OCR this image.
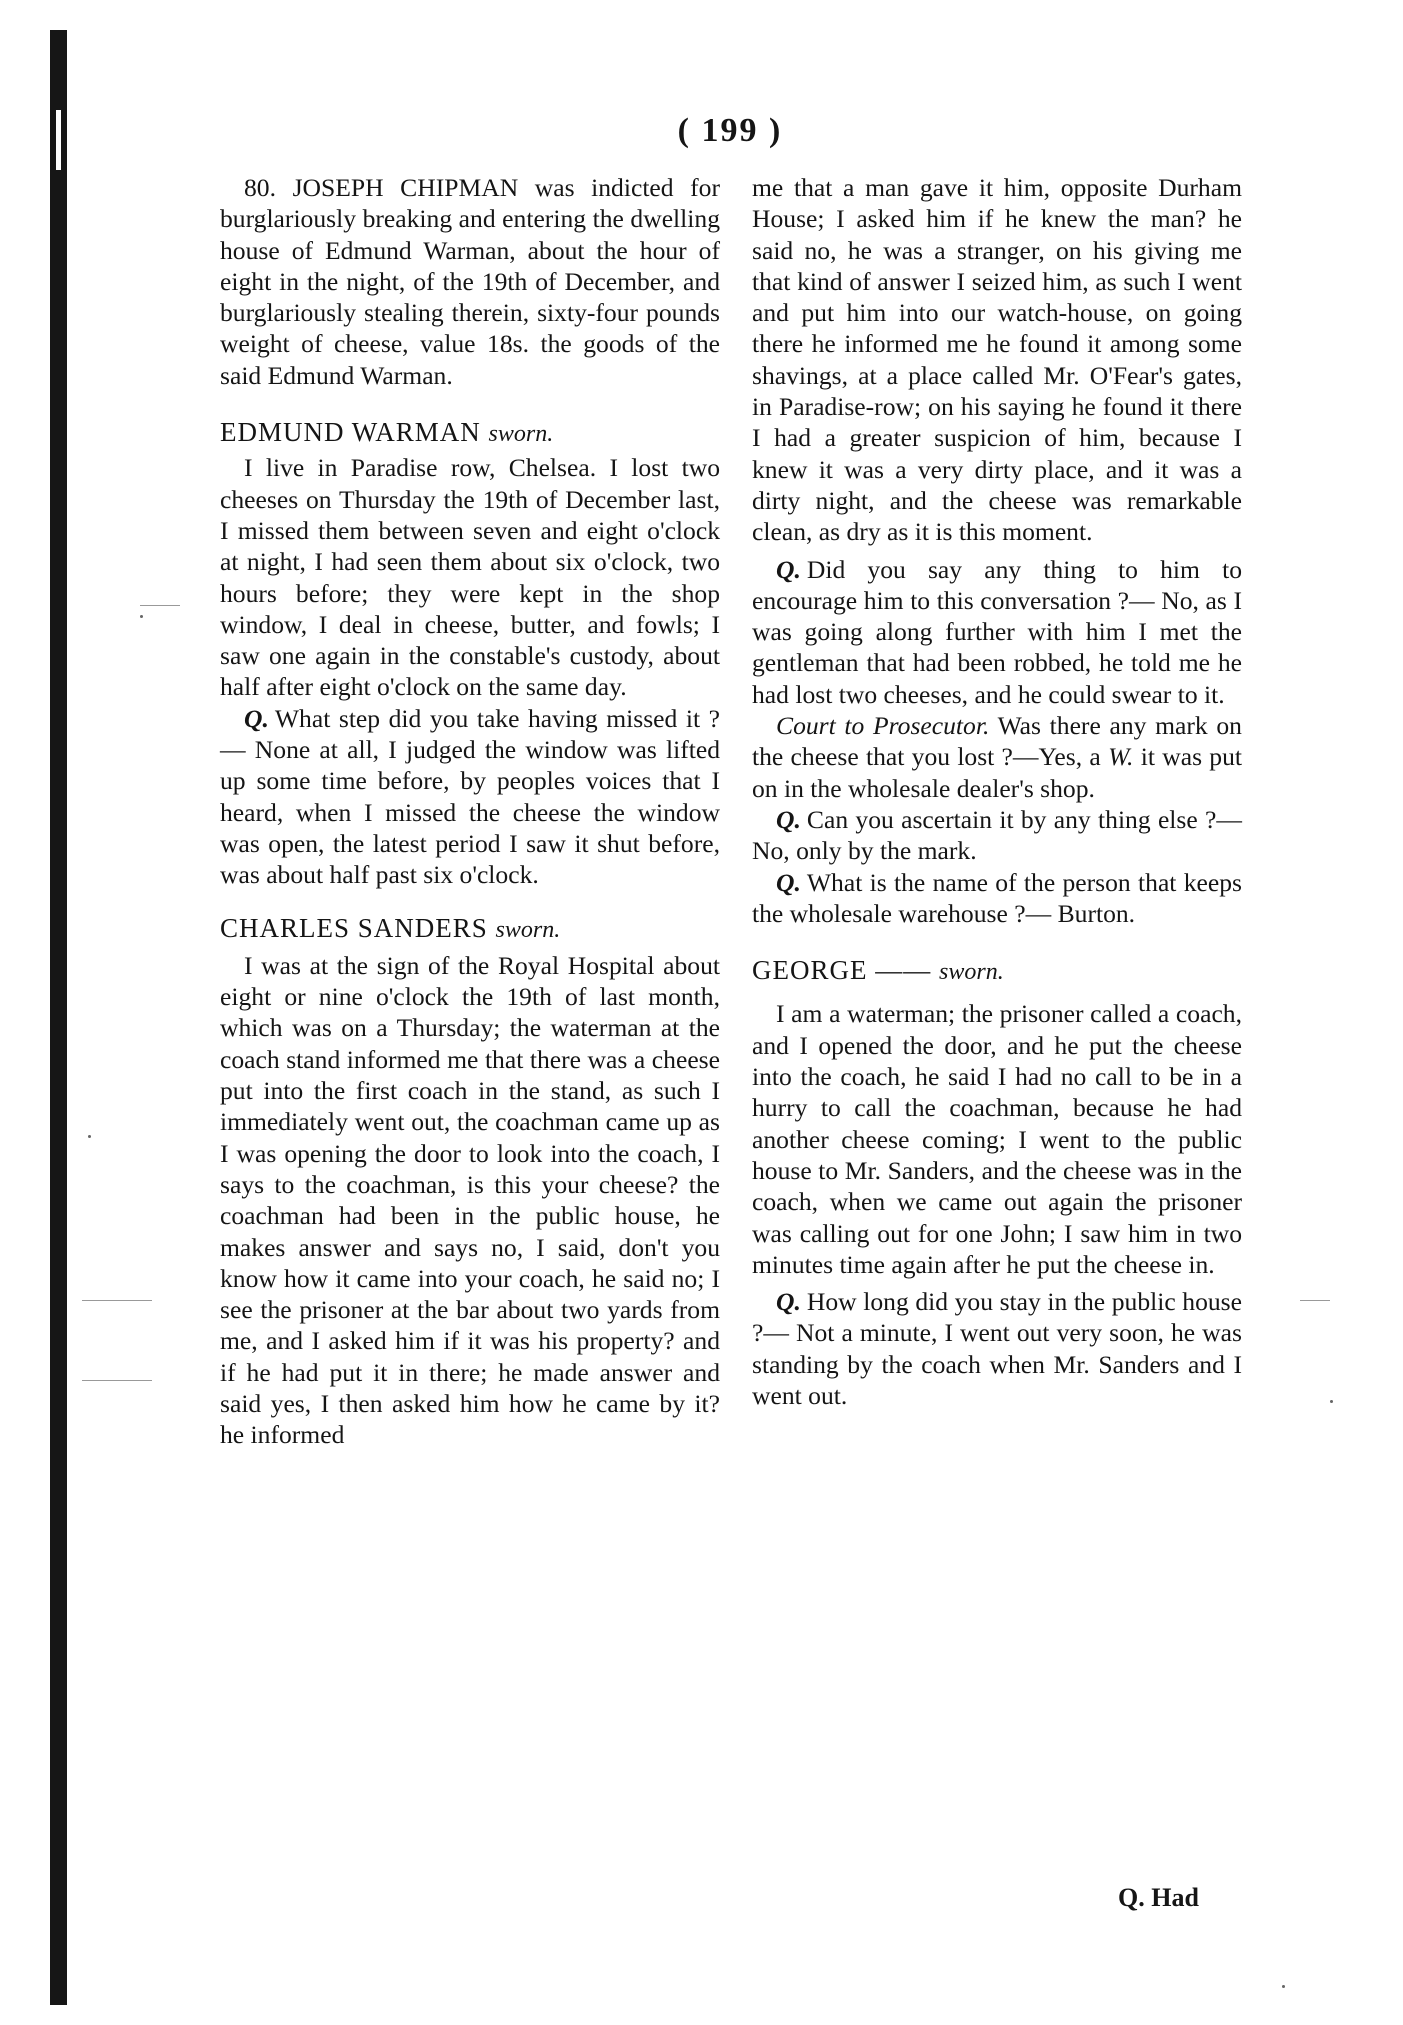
( 199 )

80. JOSEPH CHIPMAN was indicted for burglariously breaking and entering the dwelling house of Edmund Warman, about the hour of eight in the night, of the 19th of December, and burglariously stealing therein, sixty-four pounds weight of cheese, value 18s. the goods of the said Edmund Warman.

EDMUND WARMAN sworn.

I live in Paradise row, Chelsea. I lost two cheeses on Thursday the 19th of December last, I missed them between seven and eight o'clock at night, I had seen them about six o'clock, two hours before; they were kept in the shop window, I deal in cheese, butter, and fowls; I saw one again in the constable's custody, about half after eight o'clock on the same day.

Q. What step did you take having missed it ?— None at all, I judged the window was lifted up some time before, by peoples voices that I heard, when I missed the cheese the window was open, the latest period I saw it shut before, was about half past six o'clock.

CHARLES SANDERS sworn.

I was at the sign of the Royal Hospital about eight or nine o'clock the 19th of last month, which was on a Thursday; the waterman at the coach stand informed me that there was a cheese put into the first coach in the stand, as such I immediately went out, the coachman came up as I was opening the door to look into the coach, I says to the coachman, is this your cheese? the coachman had been in the public house, he makes answer and says no, I said, don't you know how it came into your coach, he said no; I see the prisoner at the bar about two yards from me, and I asked him if it was his property? and if he had put it in there; he made answer and said yes, I then asked him how he came by it? he informed

me that a man gave it him, opposite Durham House; I asked him if he knew the man? he said no, he was a stranger, on his giving me that kind of answer I seized him, as such I went and put him into our watch-house, on going there he informed me he found it among some shavings, at a place called Mr. O'Fear's gates, in Paradise-row; on his saying he found it there I had a greater suspicion of him, because I knew it was a very dirty place, and it was a dirty night, and the cheese was remarkable clean, as dry as it is this moment.

Q. Did you say any thing to him to encourage him to this conversation ?— No, as I was going along further with him I met the gentleman that had been robbed, he told me he had lost two cheeses, and he could swear to it.

Court to Prosecutor. Was there any mark on the cheese that you lost ?—Yes, a W. it was put on in the wholesale dealer's shop.

Q. Can you ascertain it by any thing else ?—No, only by the mark.

Q. What is the name of the person that keeps the wholesale warehouse ?— Burton.

GEORGE —— sworn.

I am a waterman; the prisoner called a coach, and I opened the door, and he put the cheese into the coach, he said I had no call to be in a hurry to call the coachman, because he had another cheese coming; I went to the public house to Mr. Sanders, and the cheese was in the coach, when we came out again the prisoner was calling out for one John; I saw him in two minutes time again after he put the cheese in.

Q. How long did you stay in the public house ?— Not a minute, I went out very soon, he was standing by the coach when Mr. Sanders and I went out.

Q. Had
